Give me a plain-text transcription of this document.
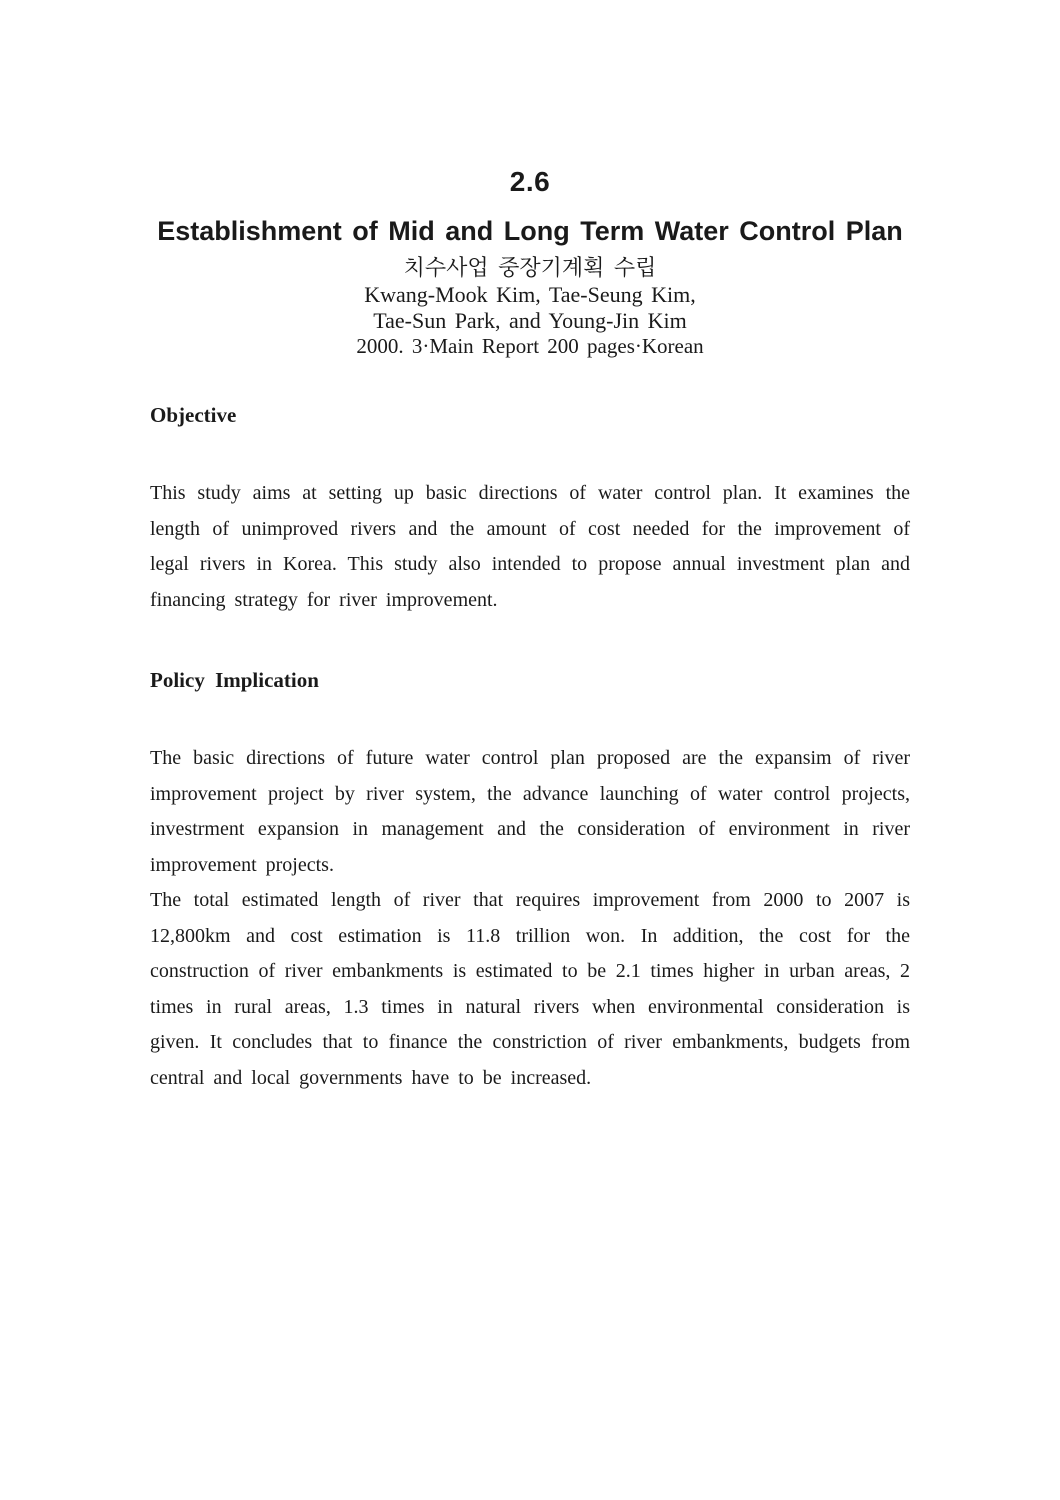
2.6
Establishment of Mid and Long Term Water Control Plan
치수사업 중장기계획 수립
Kwang-Mook Kim, Tae-Seung Kim,
Tae-Sun Park, and Young-Jin Kim
2000. 3·Main Report 200 pages·Korean
Objective

This study aims at setting up basic directions of water control plan. It examines the length of unimproved rivers and the amount of cost needed for the improvement of legal rivers in Korea. This study also intended to propose annual investment plan and financing strategy for river improvement.

Policy Implication

The basic directions of future water control plan proposed are the expansim of river improvement project by river system, the advance launching of water control projects, investrment expansion in management and the consideration of environment in river improvement projects.

The total estimated length of river that requires improvement from 2000 to 2007 is 12,800km and cost estimation is 11.8 trillion won. In addition, the cost for the construction of river embankments is estimated to be 2.1 times higher in urban areas, 2 times in rural areas, 1.3 times in natural rivers when environmental consideration is given. It concludes that to finance the constriction of river embankments, budgets from central and local governments have to be increased.
